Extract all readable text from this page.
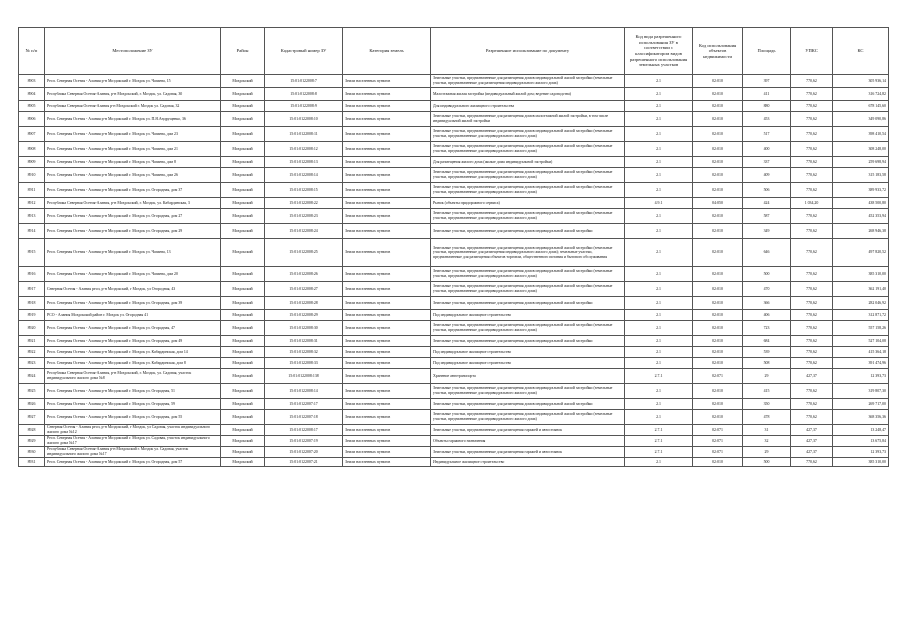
№ п/п	Местоположение ЗУ	Район	Кадастровый номер ЗУ	Категория земель	Разрешенное использование по документу	Код вида разрешенного использования ЗУ в соответствии с классификатором видов разрешенного использования земельных участков	Код использования объектов недвижимости	Площадь	УПКС	КС
8903	Респ. Северная Осетия - Алания р-н Моздокский г. Моздок ул. Чапаева, 15	Моздокский	15:01:0122008:7	Земли населенных пунктов	Земельные участки, предназначенные для размещения домов индивидуальной жилой застройки (земельные участки, предназначенные для размещения индивидуального жилого дома)	2.1	02:010	397	770,62	305 936,14
8904	Республика Северная Осетия-Алания, р-н Моздокский, г. Моздок, ул. Садовая, 30	Моздокский	15:01:0122008:8	Земли населенных пунктов	Малоэтажная жилая застройка (индивидуальный жилой дом; ведение садоводства)	2.1	02:010	411	770,62	316 724,82
8905	Республика Северная Осетия-Алания р-н Моздокский г. Моздок ул. Садовая, 32	Моздокский	15:01:0122008:9	Земли населенных пунктов	Для индивидуального жилищного строительства	2.1	02:010	880	770,62	678 145,60
8906	Респ. Северная Осетия - Алания р-н Моздокский г. Моздок ул. П.Я.Андрущенко, 36	Моздокский	15:01:0122008:10	Земли населенных пунктов	Земельные участки, предназначенные для размещения домов малоэтажной жилой застройки, в том числе индивидуальной жилой застройки	2.1	02:010	453	770,62	349 090,86
8907	Респ. Северная Осетия - Алания р-н Моздокский г. Моздок ул. Чапаева, дом 23	Моздокский	15:01:0122008:11	Земли населенных пунктов	Земельные участки, предназначенные для размещения домов индивидуальной жилой застройки (земельные участки, предназначенные для индивидуального жилого дома)	2.1	02:010	517	770,62	398 410,54
8908	Респ. Северная Осетия - Алания р-н Моздокский г. Моздок ул. Чапаева, дом 21	Моздокский	15:01:0122008:12	Земли населенных пунктов	Земельные участки, предназначенные для размещения домов индивидуальной жилой застройки (земельные участки, предназначенные для индивидуального жилого дома)	2.1	02:010	400	770,62	308 248,00
8909	Респ. Северная Осетия - Алания р-н Моздокский г. Моздок ул. Чапаева, дом 8	Моздокский	15:01:0122008:13	Земли населенных пунктов	Для размещения жилого дома (жилые дома индивидуальной застройки)	2.1	02:010	337	770,62	259 698,94
8910	Респ. Северная Осетия - Алания р-н Моздокский г. Моздок ул. Чапаева, дом 26	Моздокский	15:01:0122008:14	Земли населенных пунктов	Земельные участки, предназначенные для размещения домов индивидуальной жилой застройки (земельные участки, предназначенные для индивидуального жилого дома)	2.1	02:010	409	770,62	315 183,58
8911	Респ. Северная Осетия - Алания р-н Моздокский г. Моздок ул. Огородная, дом 37	Моздокский	15:01:0122008:15	Земли населенных пунктов	Земельные участки, предназначенные для размещения домов индивидуальной жилой застройки (земельные участки, предназначенные для индивидуального жилого дома)	2.1	02:010	506	770,62	389 933,72
8912	Республика Северная Осетия-Алания, р-н Моздокский, г. Моздок, ул. Кабардинская, 3	Моздокский	15:01:0122008:22	Земли населенных пунктов	Рынок (объекты придорожного сервиса)	4.9.1	04:050	424	1 034,20	438 500,80
8913	Респ. Северная Осетия - Алания р-н Моздокский г. Моздок ул. Огородная, дом 27	Моздокский	15:01:0122008:23	Земли населенных пунктов	Земельные участки, предназначенные для размещения домов индивидуальной жилой застройки (земельные участки, предназначенные для индивидуального жилого дома)	2.1	02:010	587	770,62	452 353,94
8914	Респ. Северная Осетия - Алания р-н Моздокский г. Моздок ул. Огородная, дом 29	Моздокский	15:01:0122008:24	Земли населенных пунктов	Земельные участки, предназначенные для размещения домов индивидуальной жилой застройки	2.1	02:010	349	770,62	268 946,38
8915	Респ. Северная Осетия - Алания р-н Моздокский г. Моздок ул. Чапаева, 13	Моздокский	15:01:0122008:25	Земли населенных пунктов	Земельные участки, предназначенные для размещения домов индивидуальной жилой застройки (земельные участки, предназначенные для размещения индивидуального жилого дома); земельные участки, предназначенные для размещения объектов торговли, общественного питания и бытового обслуживания	2.1	02:010	646	770,62	497 820,52
8916	Респ. Северная Осетия - Алания р-н Моздокский г. Моздок ул. Чапаева, дом 20	Моздокский	15:01:0122008:26	Земли населенных пунктов	Земельные участки, предназначенные для размещения домов индивидуальной жилой застройки (земельные участки, предназначенные для индивидуального жилого дома)	2.1	02:010	500	770,62	385 310,00
8917	Северная Осетия - Алания респ, р-н Моздокский, г Моздок, ул Огородная, 43	Моздокский	15:01:0122008:27	Земли населенных пунктов	Земельные участки, предназначенные для размещения домов индивидуальной жилой застройки (земельные участки, предназначенные для индивидуального жилого дома)	2.1	02:010	470	770,62	362 191,40
8918	Респ. Северная Осетия - Алания р-н Моздокский г. Моздок ул. Огородная, дом 39	Моздокский	15:01:0122008:28	Земли населенных пунктов	Земельные участки, предназначенные для размещения домов индивидуальной жилой застройки	2.1	02:010	366	770,62	282 046,92
8919	РСО - Алания Моздокский район г. Моздок ул. Огородная 41	Моздокский	15:01:0122008:29	Земли населенных пунктов	Под индивидуальное жилищное строительство	2.1	02:010	406	770,62	312 871,72
8920	Респ. Северная Осетия - Алания р-н Моздокский г. Моздок ул. Огородная, 47	Моздокский	15:01:0122008:30	Земли населенных пунктов	Земельные участки, предназначенные для размещения домов индивидуальной жилой застройки (земельные участки, предназначенные для индивидуального жилого дома)	2.1	02:010	723	770,62	557 158,26
8921	Респ. Северная Осетия - Алания р-н Моздокский г. Моздок ул. Огородная, дом 49	Моздокский	15:01:0122008:31	Земли населенных пунктов	Земельные участки, предназначенные для размещения домов индивидуальной жилой застройки	2.1	02:010	684	770,62	527 104,08
8922	Респ. Северная Осетия - Алания р-н Моздокский г. Моздок ул. Кабардинская, дом 14	Моздокский	15:01:0122008:32	Земли населенных пунктов	Под индивидуальное жилищное строительство	2.1	02:010	539	770,62	415 364,18
8923	Респ. Северная Осетия - Алания р-н Моздокский г. Моздок ул. Кабардинская, дом 8	Моздокский	15:01:0122008:33	Земли населенных пунктов	Под индивидуальное жилищное строительство	2.1	02:010	508	770,62	391 474,96
8924	Республика Северная Осетия-Алания, р-н Моздокский, г. Моздок, ул. Садовая, участок индивидуального жилого дома №8	Моздокский	15:01:0122008:138	Земли населенных пунктов	Хранение автотранспорта	2.7.1	02:071	29	427,37	12 393,73
8925	Респ. Северная Осетия - Алания р-н Моздокский г. Моздок ул. Огородная, 51	Моздокский	15:01:0122008:14	Земли населенных пунктов	Земельные участки, предназначенные для размещения домов индивидуальной жилой застройки (земельные участки, предназначенные для индивидуального жилого дома)	2.1	02:010	415	770,62	319 807,30
8926	Респ. Северная Осетия - Алания р-н Моздокский г. Моздок ул. Огородная, 59	Моздокский	15:01:0122007:17	Земли населенных пунктов	Земельные участки, предназначенные для размещения домов индивидуальной жилой застройки	2.1	02:010	350	770,62	269 717,00
8927	Респ. Северная Осетия - Алания р-н Моздокский г. Моздок ул. Огородная, дом 55	Моздокский	15:01:0122007:18	Земли населенных пунктов	Земельные участки, предназначенные для размещения домов индивидуальной жилой застройки (земельные участки, предназначенные для индивидуального жилого дома)	2.1	02:010	478	770,62	368 356,36
8928	Северная Осетия - Алания респ, р-н Моздокский, г Моздок, ул Садовая, участок индивидуального жилого дома №12	Моздокский	15:01:0122008:17	Земли населенных пунктов	Земельные участки, предназначенные для размещения гаражей и автостоянок	2.7.1	02:071	31	427,37	13 248,47
8929	Респ. Северная Осетия - Алания р-н Моздокский г. Моздок ул. Садовая, участок индивидуального жилого дома №17	Моздокский	15:01:0122007:19	Земли населенных пунктов	Объекты гаражного назначения	2.7.1	02:071	32	427,37	13 675,84
8930	Республика Северная Осетия-Алания р-н Моздокский г. Моздок ул. Садовая, участок индивидуального жилого дома №17	Моздокский	15:01:0122007:20	Земли населенных пунктов	Земельные участки, предназначенные для размещения гаражей и автостоянок	2.7.1	02:071	29	427,37	12 393,73
8931	Респ. Северная Осетия - Алания р-н Моздокский г. Моздок ул. Огородная, дом 57	Моздокский	15:01:0122007:21	Земли населенных пунктов	Индивидуальное жилищное строительство	2.1	02:010	500	770,62	385 310,00
